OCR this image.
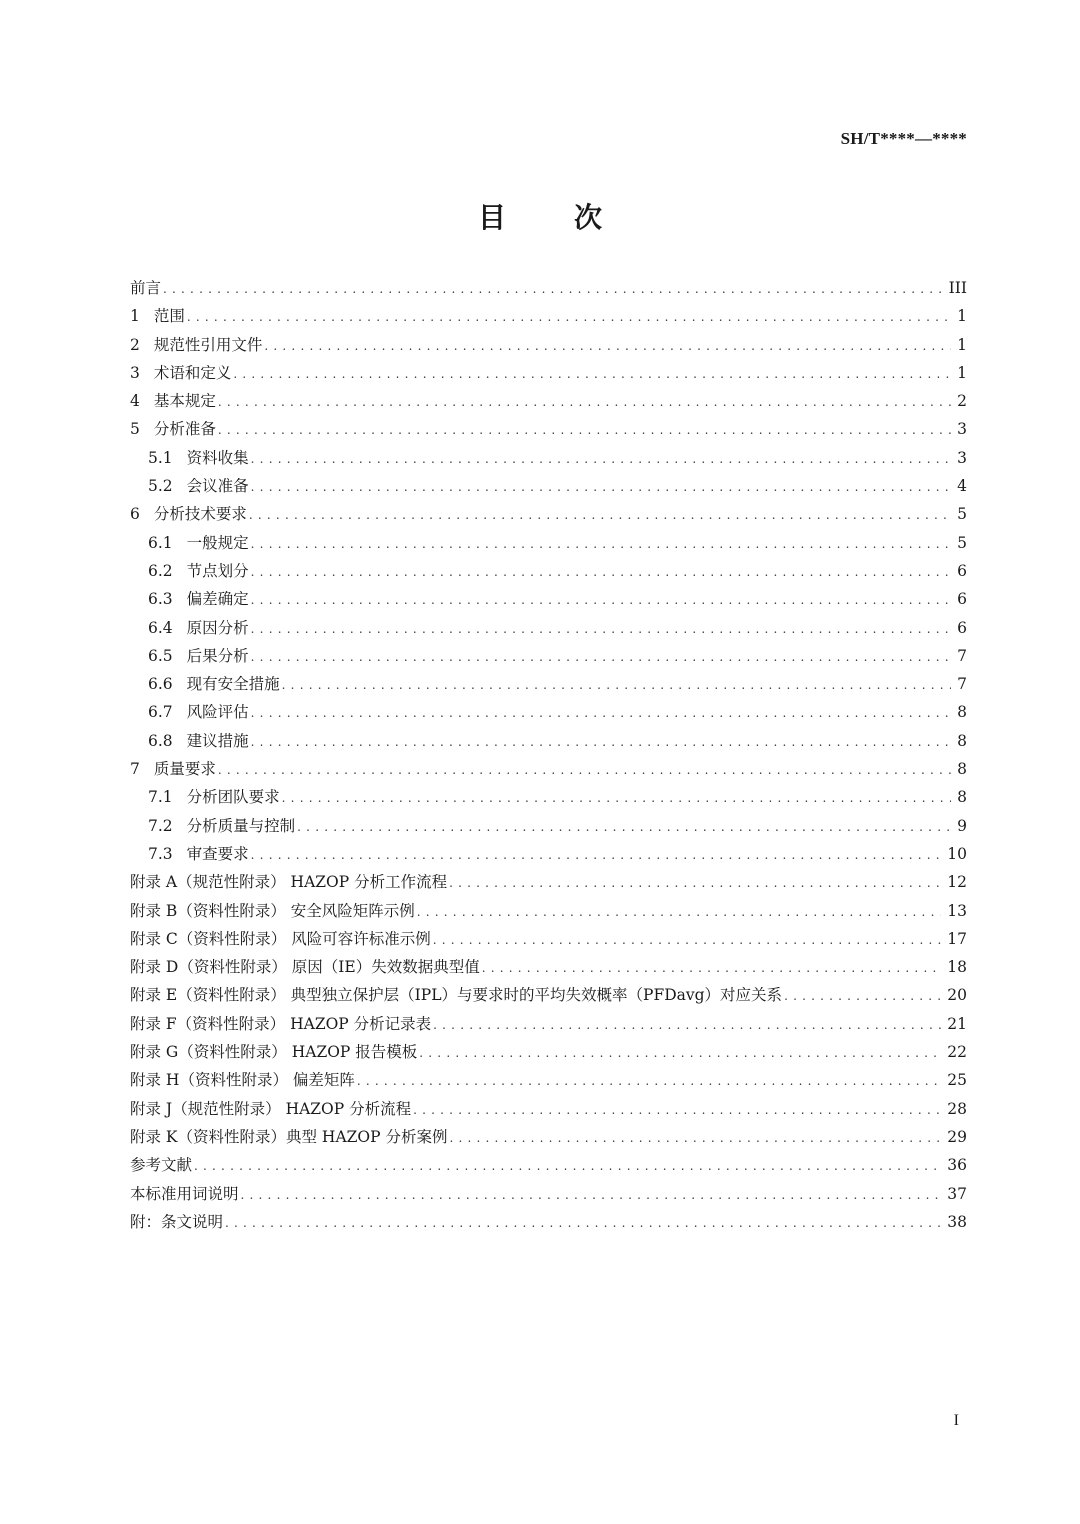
SH/T****—****
目 次
前言 .....	III
1 范围 .....	1
2 规范性引用文件 .....	1
3 术语和定义 .....	1
4 基本规定 .....	2
5 分析准备 .....	3
5.1 资料收集 .....	3
5.2 会议准备 .....	4
6 分析技术要求 .....	5
6.1 一般规定 .....	5
6.2 节点划分 .....	6
6.3 偏差确定 .....	6
6.4 原因分析 .....	6
6.5 后果分析 .....	7
6.6 现有安全措施 .....	7
6.7 风险评估 .....	8
6.8 建议措施 .....	8
7 质量要求 .....	8
7.1 分析团队要求 .....	8
7.2 分析质量与控制 .....	9
7.3 审查要求 .....	10
附录 A（规范性附录） HAZOP 分析工作流程 .....	12
附录 B（资料性附录） 安全风险矩阵示例 .....	13
附录 C（资料性附录） 风险可容许标准示例 .....	17
附录 D（资料性附录） 原因（IE）失效数据典型值 .....	18
附录 E（资料性附录） 典型独立保护层（IPL）与要求时的平均失效概率（PFDavg）对应关系 .....	20
附录 F（资料性附录） HAZOP 分析记录表 .....	21
附录 G（资料性附录） HAZOP 报告模板 .....	22
附录 H（资料性附录） 偏差矩阵 .....	25
附录 J（规范性附录） HAZOP 分析流程 .....	28
附录 K（资料性附录）典型 HAZOP 分析案例 .....	29
参考文献 .....	36
本标准用词说明 .....	37
附：条文说明 .....	38
I
